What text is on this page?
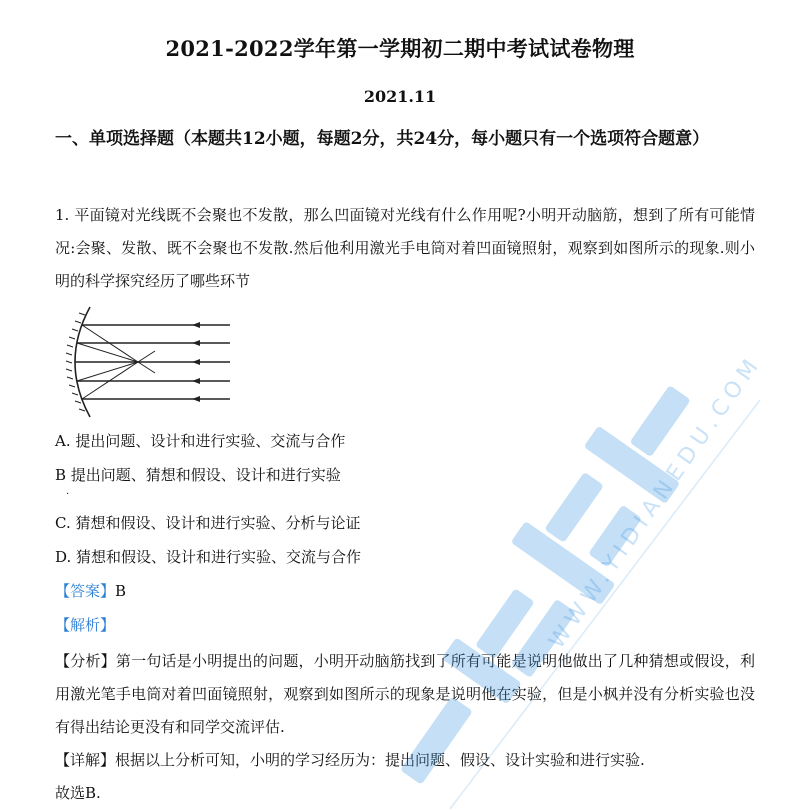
2021-2022学年第一学期初二期中考试试卷物理
2021.11
一、单项选择题（本题共12小题，每题2分，共24分，每小题只有一个选项符合题意）
1. 平面镜对光线既不会聚也不发散，那么凹面镜对光线有什么作用呢?小明开动脑筋，想到了所有可能情况:会聚、发散、既不会聚也不发散.然后他利用激光手电筒对着凹面镜照射，观察到如图所示的现象.则小明的科学探究经历了哪些环节
A. 提出问题、设计和进行实验、交流与合作
B 提出问题、猜想和假设、设计和进行实验
.
C. 猜想和假设、设计和进行实验、分析与论证
D. 猜想和假设、设计和进行实验、交流与合作
【答案】B
【解析】
【分析】第一句话是小明提出的问题，小明开动脑筋找到了所有可能是说明他做出了几种猜想或假设，利用激光笔手电筒对着凹面镜照射，观察到如图所示的现象是说明他在实验，但是小枫并没有分析实验也没有得出结论更没有和同学交流评估.
【详解】根据以上分析可知，小明的学习经历为：提出问题、假设、设计实验和进行实验.
故选B.
WWW.YIDIANEDU.COM
